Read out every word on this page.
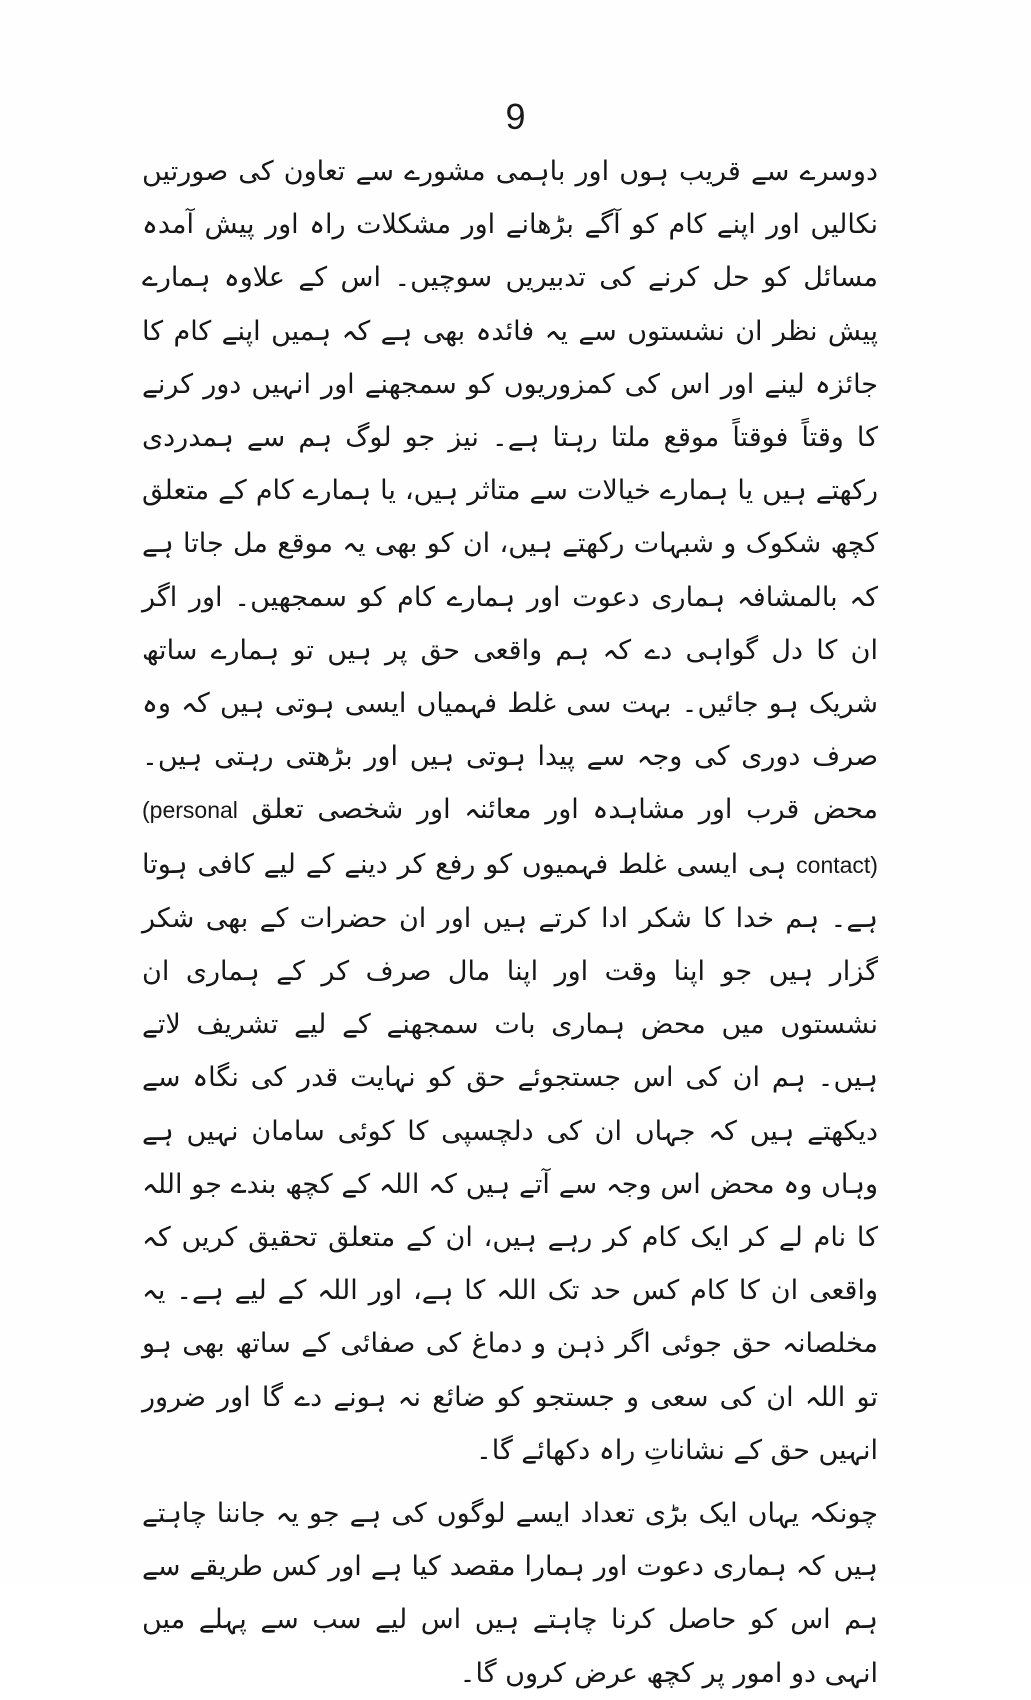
9

دوسرے سے قریب ہوں اور باہمی مشورے سے تعاون کی صورتیں نکالیں اور اپنے کام کو آگے بڑھانے اور مشکلات راہ اور پیش آمدہ مسائل کو حل کرنے کی تدبیریں سوچیں۔ اس کے علاوہ ہمارے پیش نظر ان نشستوں سے یہ فائدہ بھی ہے کہ ہمیں اپنے کام کا جائزہ لینے اور اس کی کمزوریوں کو سمجھنے اور انہیں دور کرنے کا وقتاً فوقتاً موقع ملتا رہتا ہے۔ نیز جو لوگ ہم سے ہمدردی رکھتے ہیں یا ہمارے خیالات سے متاثر ہیں، یا ہمارے کام کے متعلق کچھ شکوک و شبہات رکھتے ہیں، ان کو بھی یہ موقع مل جاتا ہے کہ بالمشافہ ہماری دعوت اور ہمارے کام کو سمجھیں۔ اور اگر ان کا دل گواہی دے کہ ہم واقعی حق پر ہیں تو ہمارے ساتھ شریک ہو جائیں۔ بہت سی غلط فہمیاں ایسی ہوتی ہیں کہ وہ صرف دوری کی وجہ سے پیدا ہوتی ہیں اور بڑھتی رہتی ہیں۔ محض قرب اور مشاہدہ اور معائنہ اور شخصی تعلق (personal contact) ہی ایسی غلط فہمیوں کو رفع کر دینے کے لیے کافی ہوتا ہے۔ ہم خدا کا شکر ادا کرتے ہیں اور ان حضرات کے بھی شکر گزار ہیں جو اپنا وقت اور اپنا مال صرف کر کے ہماری ان نشستوں میں محض ہماری بات سمجھنے کے لیے تشریف لاتے ہیں۔ ہم ان کی اس جستجوئے حق کو نہایت قدر کی نگاہ سے دیکھتے ہیں کہ جہاں ان کی دلچسپی کا کوئی سامان نہیں ہے وہاں وہ محض اس وجہ سے آتے ہیں کہ اللہ کے کچھ بندے جو اللہ کا نام لے کر ایک کام کر رہے ہیں، ان کے متعلق تحقیق کریں کہ واقعی ان کا کام کس حد تک اللہ کا ہے، اور اللہ کے لیے ہے۔ یہ مخلصانہ حق جوئی اگر ذہن و دماغ کی صفائی کے ساتھ بھی ہو تو اللہ ان کی سعی و جستجو کو ضائع نہ ہونے دے گا اور ضرور انہیں حق کے نشاناتِ راہ دکھائے گا۔

چونکہ یہاں ایک بڑی تعداد ایسے لوگوں کی ہے جو یہ جاننا چاہتے ہیں کہ ہماری دعوت اور ہمارا مقصد کیا ہے اور کس طریقے سے ہم اس کو حاصل کرنا چاہتے ہیں اس لیے سب سے پہلے میں انہی دو امور پر کچھ عرض کروں گا۔
